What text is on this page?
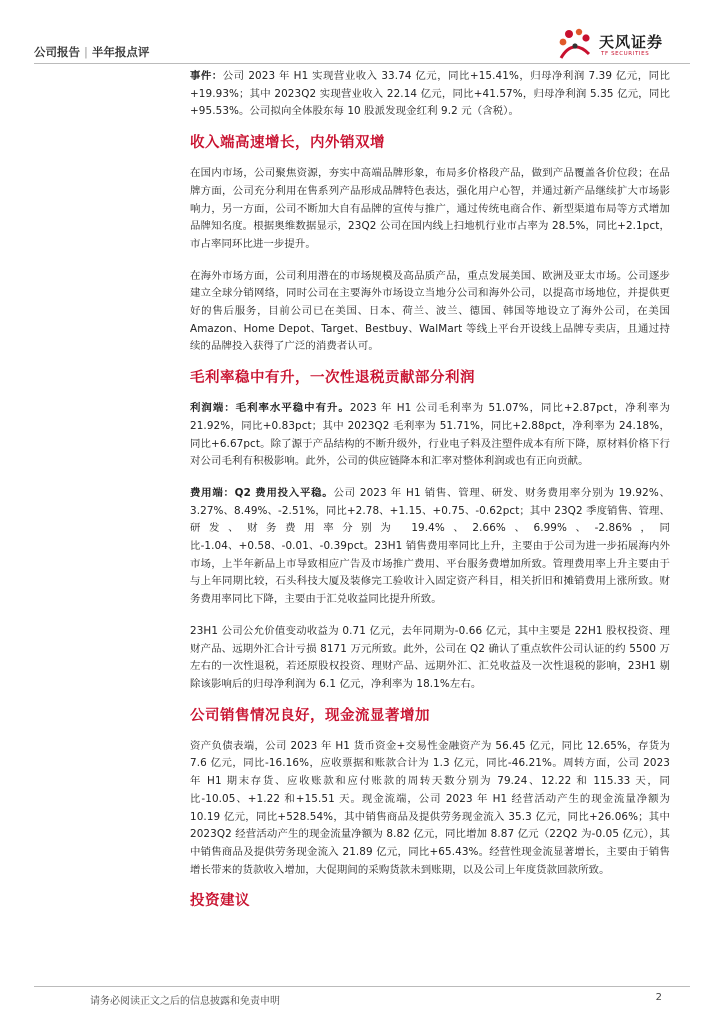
公司报告 | 半年报点评
天风证券
TF SECURITIES

事件：公司 2023 年 H1 实现营业收入 33.74 亿元，同比+15.41%，归母净利润 7.39 亿元，同比+19.93%；其中 2023Q2 实现营业收入 22.14 亿元，同比+41.57%，归母净利润 5.35 亿元，同比+95.53%。公司拟向全体股东每 10 股派发现金红利 9.2 元（含税）。

收入端高速增长，内外销双增

在国内市场，公司聚焦资源，夯实中高端品牌形象，布局多价格段产品，做到产品覆盖各价位段；在品牌方面，公司充分利用在售系列产品形成品牌特色表达，强化用户心智，并通过新产品继续扩大市场影响力，另一方面，公司不断加大自有品牌的宣传与推广，通过传统电商合作、新型渠道布局等方式增加品牌知名度。根据奥维数据显示，23Q2 公司在国内线上扫地机行业市占率为 28.5%，同比+2.1pct，市占率同环比进一步提升。

在海外市场方面，公司利用潜在的市场规模及高品质产品，重点发展美国、欧洲及亚太市场。公司逐步建立全球分销网络，同时公司在主要海外市场设立当地分公司和海外公司，以提高市场地位，并提供更好的售后服务，目前公司已在美国、日本、荷兰、波兰、德国、韩国等地设立了海外公司，在美国 Amazon、Home Depot、Target、Bestbuy、WalMart 等线上平台开设线上品牌专卖店，且通过持续的品牌投入获得了广泛的消费者认可。

毛利率稳中有升，一次性退税贡献部分利润

利润端：毛利率水平稳中有升。2023 年 H1 公司毛利率为 51.07%，同比+2.87pct，净利率为 21.92%，同比+0.83pct；其中 2023Q2 毛利率为 51.71%，同比+2.88pct，净利率为 24.18%，同比+6.67pct。除了源于产品结构的不断升级外，行业电子料及注塑件成本有所下降，原材料价格下行对公司毛利有积极影响。此外，公司的供应链降本和汇率对整体利润或也有正向贡献。

费用端：Q2 费用投入平稳。公司 2023 年 H1 销售、管理、研发、财务费用率分别为 19.92%、3.27%、8.49%、-2.51%，同比+2.78、+1.15、+0.75、-0.62pct；其中 23Q2 季度销售、管理、研发、财务费用率分别为 19.4%、2.66%、6.99%、-2.86%，同比-1.04、+0.58、-0.01、-0.39pct。23H1 销售费用率同比上升，主要由于公司为进一步拓展海内外市场，上半年新品上市导致相应广告及市场推广费用、平台服务费增加所致。管理费用率上升主要由于与上年同期比较，石头科技大厦及装修完工验收计入固定资产科目，相关折旧和摊销费用上涨所致。财务费用率同比下降，主要由于汇兑收益同比提升所致。

23H1 公司公允价值变动收益为 0.71 亿元，去年同期为-0.66 亿元，其中主要是 22H1 股权投资、理财产品、远期外汇合计亏损 8171 万元所致。此外，公司在 Q2 确认了重点软件公司认证的约 5500 万左右的一次性退税，若还原股权投资、理财产品、远期外汇、汇兑收益及一次性退税的影响，23H1 剔除该影响后的归母净利润为 6.1 亿元，净利率为 18.1%左右。

公司销售情况良好，现金流显著增加

资产负债表端，公司 2023 年 H1 货币资金+交易性金融资产为 56.45 亿元，同比 12.65%，存货为 7.6 亿元，同比-16.16%，应收票据和账款合计为 1.3 亿元，同比-46.21%。周转方面，公司 2023 年 H1 期末存货、应收账款和应付账款的周转天数分别为 79.24、12.22 和 115.33 天，同比-10.05、+1.22 和+15.51 天。现金流端，公司 2023 年 H1 经营活动产生的现金流量净额为 10.19 亿元，同比+528.54%，其中销售商品及提供劳务现金流入 35.3 亿元，同比+26.06%；其中 2023Q2 经营活动产生的现金流量净额为 8.82 亿元，同比增加 8.87 亿元（22Q2 为-0.05 亿元），其中销售商品及提供劳务现金流入 21.89 亿元，同比+65.43%。经营性现金流显著增长，主要由于销售增长带来的货款收入增加，大促期间的采购货款未到账期，以及公司上年度货款回款所致。

投资建议
请务必阅读正文之后的信息披露和免责申明	2
